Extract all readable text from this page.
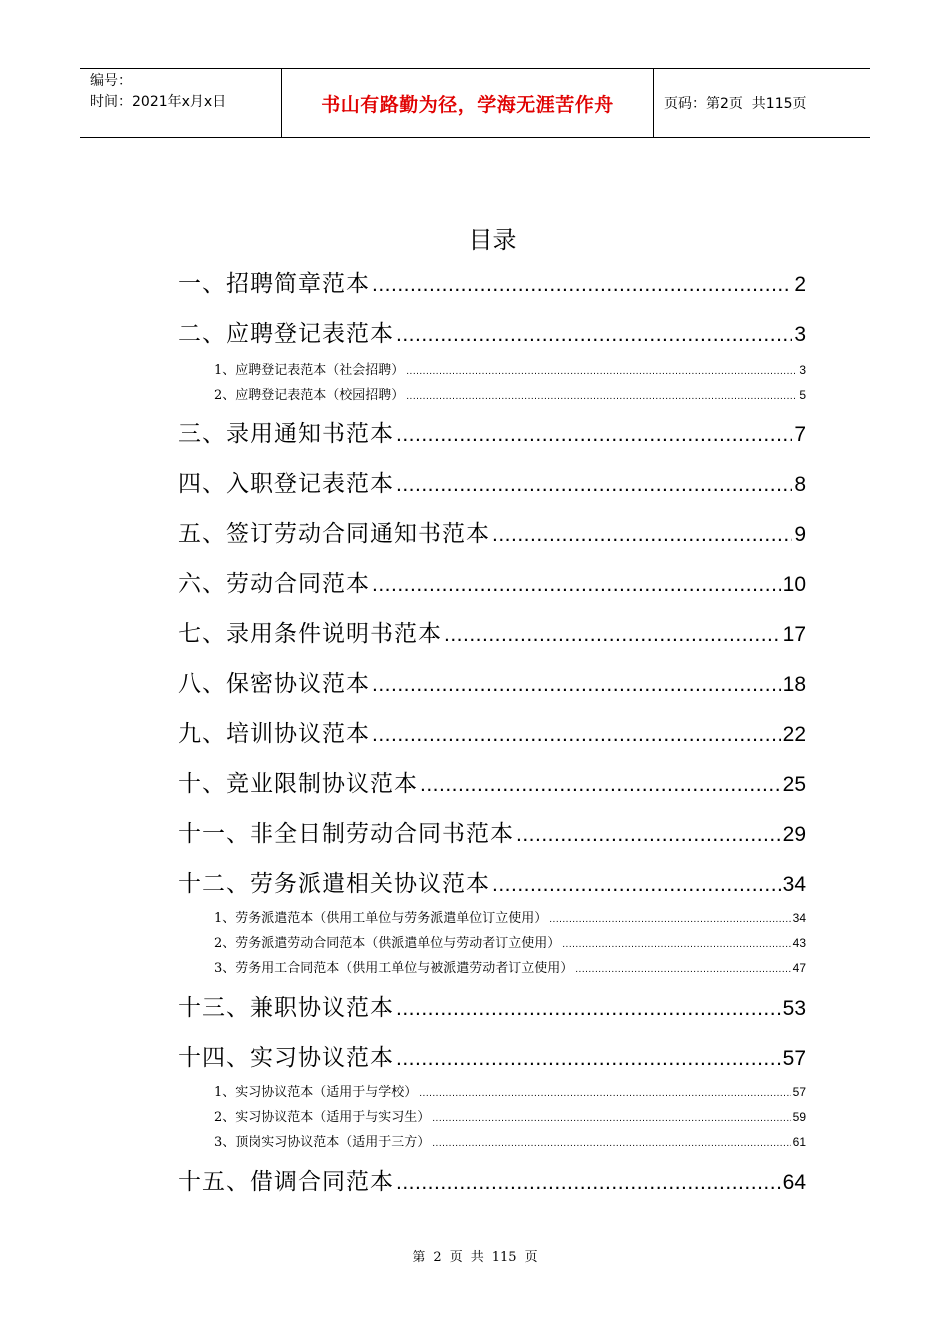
编号：
时间：2021年x月x日	书山有路勤为径，学海无涯苦作舟	页码：第2页  共115页
目录
一、招聘简章范本 .....	2
二、应聘登记表范本 .....	3
1、应聘登记表范本（社会招聘） .....	3
2、应聘登记表范本（校园招聘） .....	5
三、录用通知书范本 .....	7
四、入职登记表范本 .....	8
五、签订劳动合同通知书范本 .....	9
六、劳动合同范本 .....	10
七、录用条件说明书范本 .....	17
八、保密协议范本 .....	18
九、培训协议范本 .....	22
十、竞业限制协议范本 .....	25
十一、非全日制劳动合同书范本 .....	29
十二、劳务派遣相关协议范本 .....	34
1、劳务派遣范本（供用工单位与劳务派遣单位订立使用） .....	34
2、劳务派遣劳动合同范本（供派遣单位与劳动者订立使用） .....	43
3、劳务用工合同范本（供用工单位与被派遣劳动者订立使用） .....	47
十三、兼职协议范本 .....	53
十四、实习协议范本 .....	57
1、实习协议范本（适用于与学校） .....	57
2、实习协议范本（适用于与实习生） .....	59
3、顶岗实习协议范本（适用于三方） .....	61
十五、借调合同范本 .....	64
第 2 页 共 115 页
